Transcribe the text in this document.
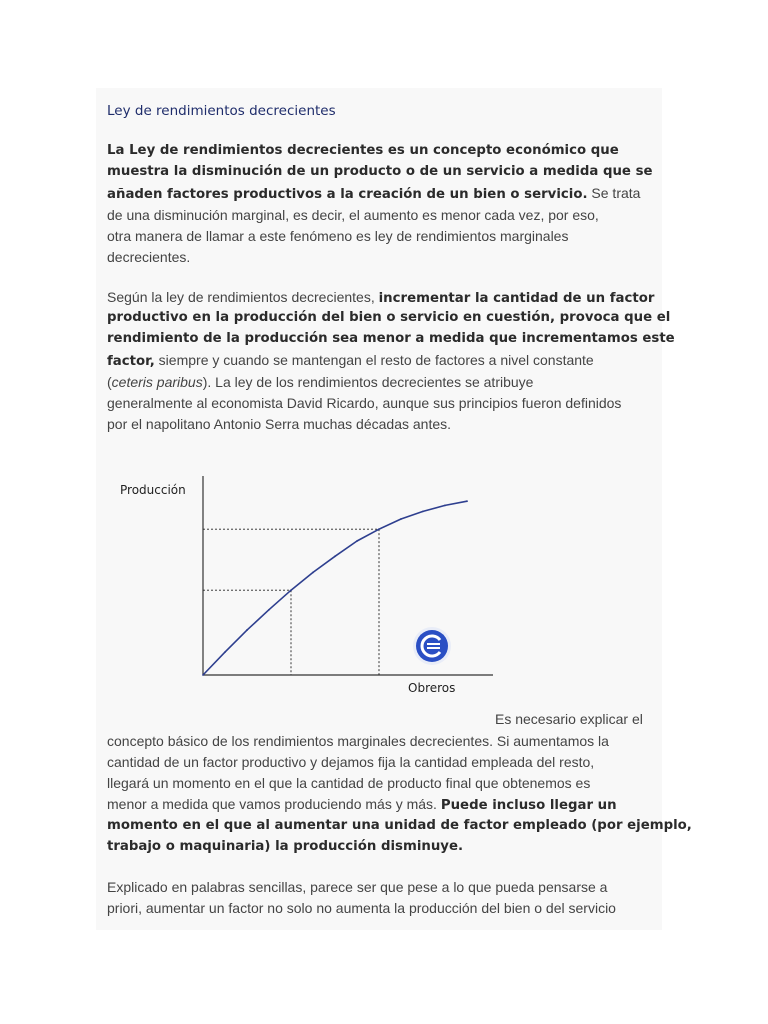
Ley de rendimientos decrecientes
La Ley de rendimientos decrecientes es un concepto económico que
muestra la disminución de un producto o de un servicio a medida que se
añaden factores productivos a la creación de un bien o servicio. Se trata
de una disminución marginal, es decir, el aumento es menor cada vez, por eso,
otra manera de llamar a este fenómeno es ley de rendimientos marginales
decrecientes.
Según la ley de rendimientos decrecientes, incrementar la cantidad de un factor
productivo en la producción del bien o servicio en cuestión, provoca que el
rendimiento de la producción sea menor a medida que incrementamos este
factor, siempre y cuando se mantengan el resto de factores a nivel constante
(ceteris paribus). La ley de los rendimientos decrecientes se atribuye
generalmente al economista David Ricardo, aunque sus principios fueron definidos
por el napolitano Antonio Serra muchas décadas antes.
Producción
Obreros
Es necesario explicar el
concepto básico de los rendimientos marginales decrecientes. Si aumentamos la
cantidad de un factor productivo y dejamos fija la cantidad empleada del resto,
llegará un momento en el que la cantidad de producto final que obtenemos es
menor a medida que vamos produciendo más y más. Puede incluso llegar un
momento en el que al aumentar una unidad de factor empleado (por ejemplo,
trabajo o maquinaria) la producción disminuye.
Explicado en palabras sencillas, parece ser que pese a lo que pueda pensarse a
priori, aumentar un factor no solo no aumenta la producción del bien o del servicio
